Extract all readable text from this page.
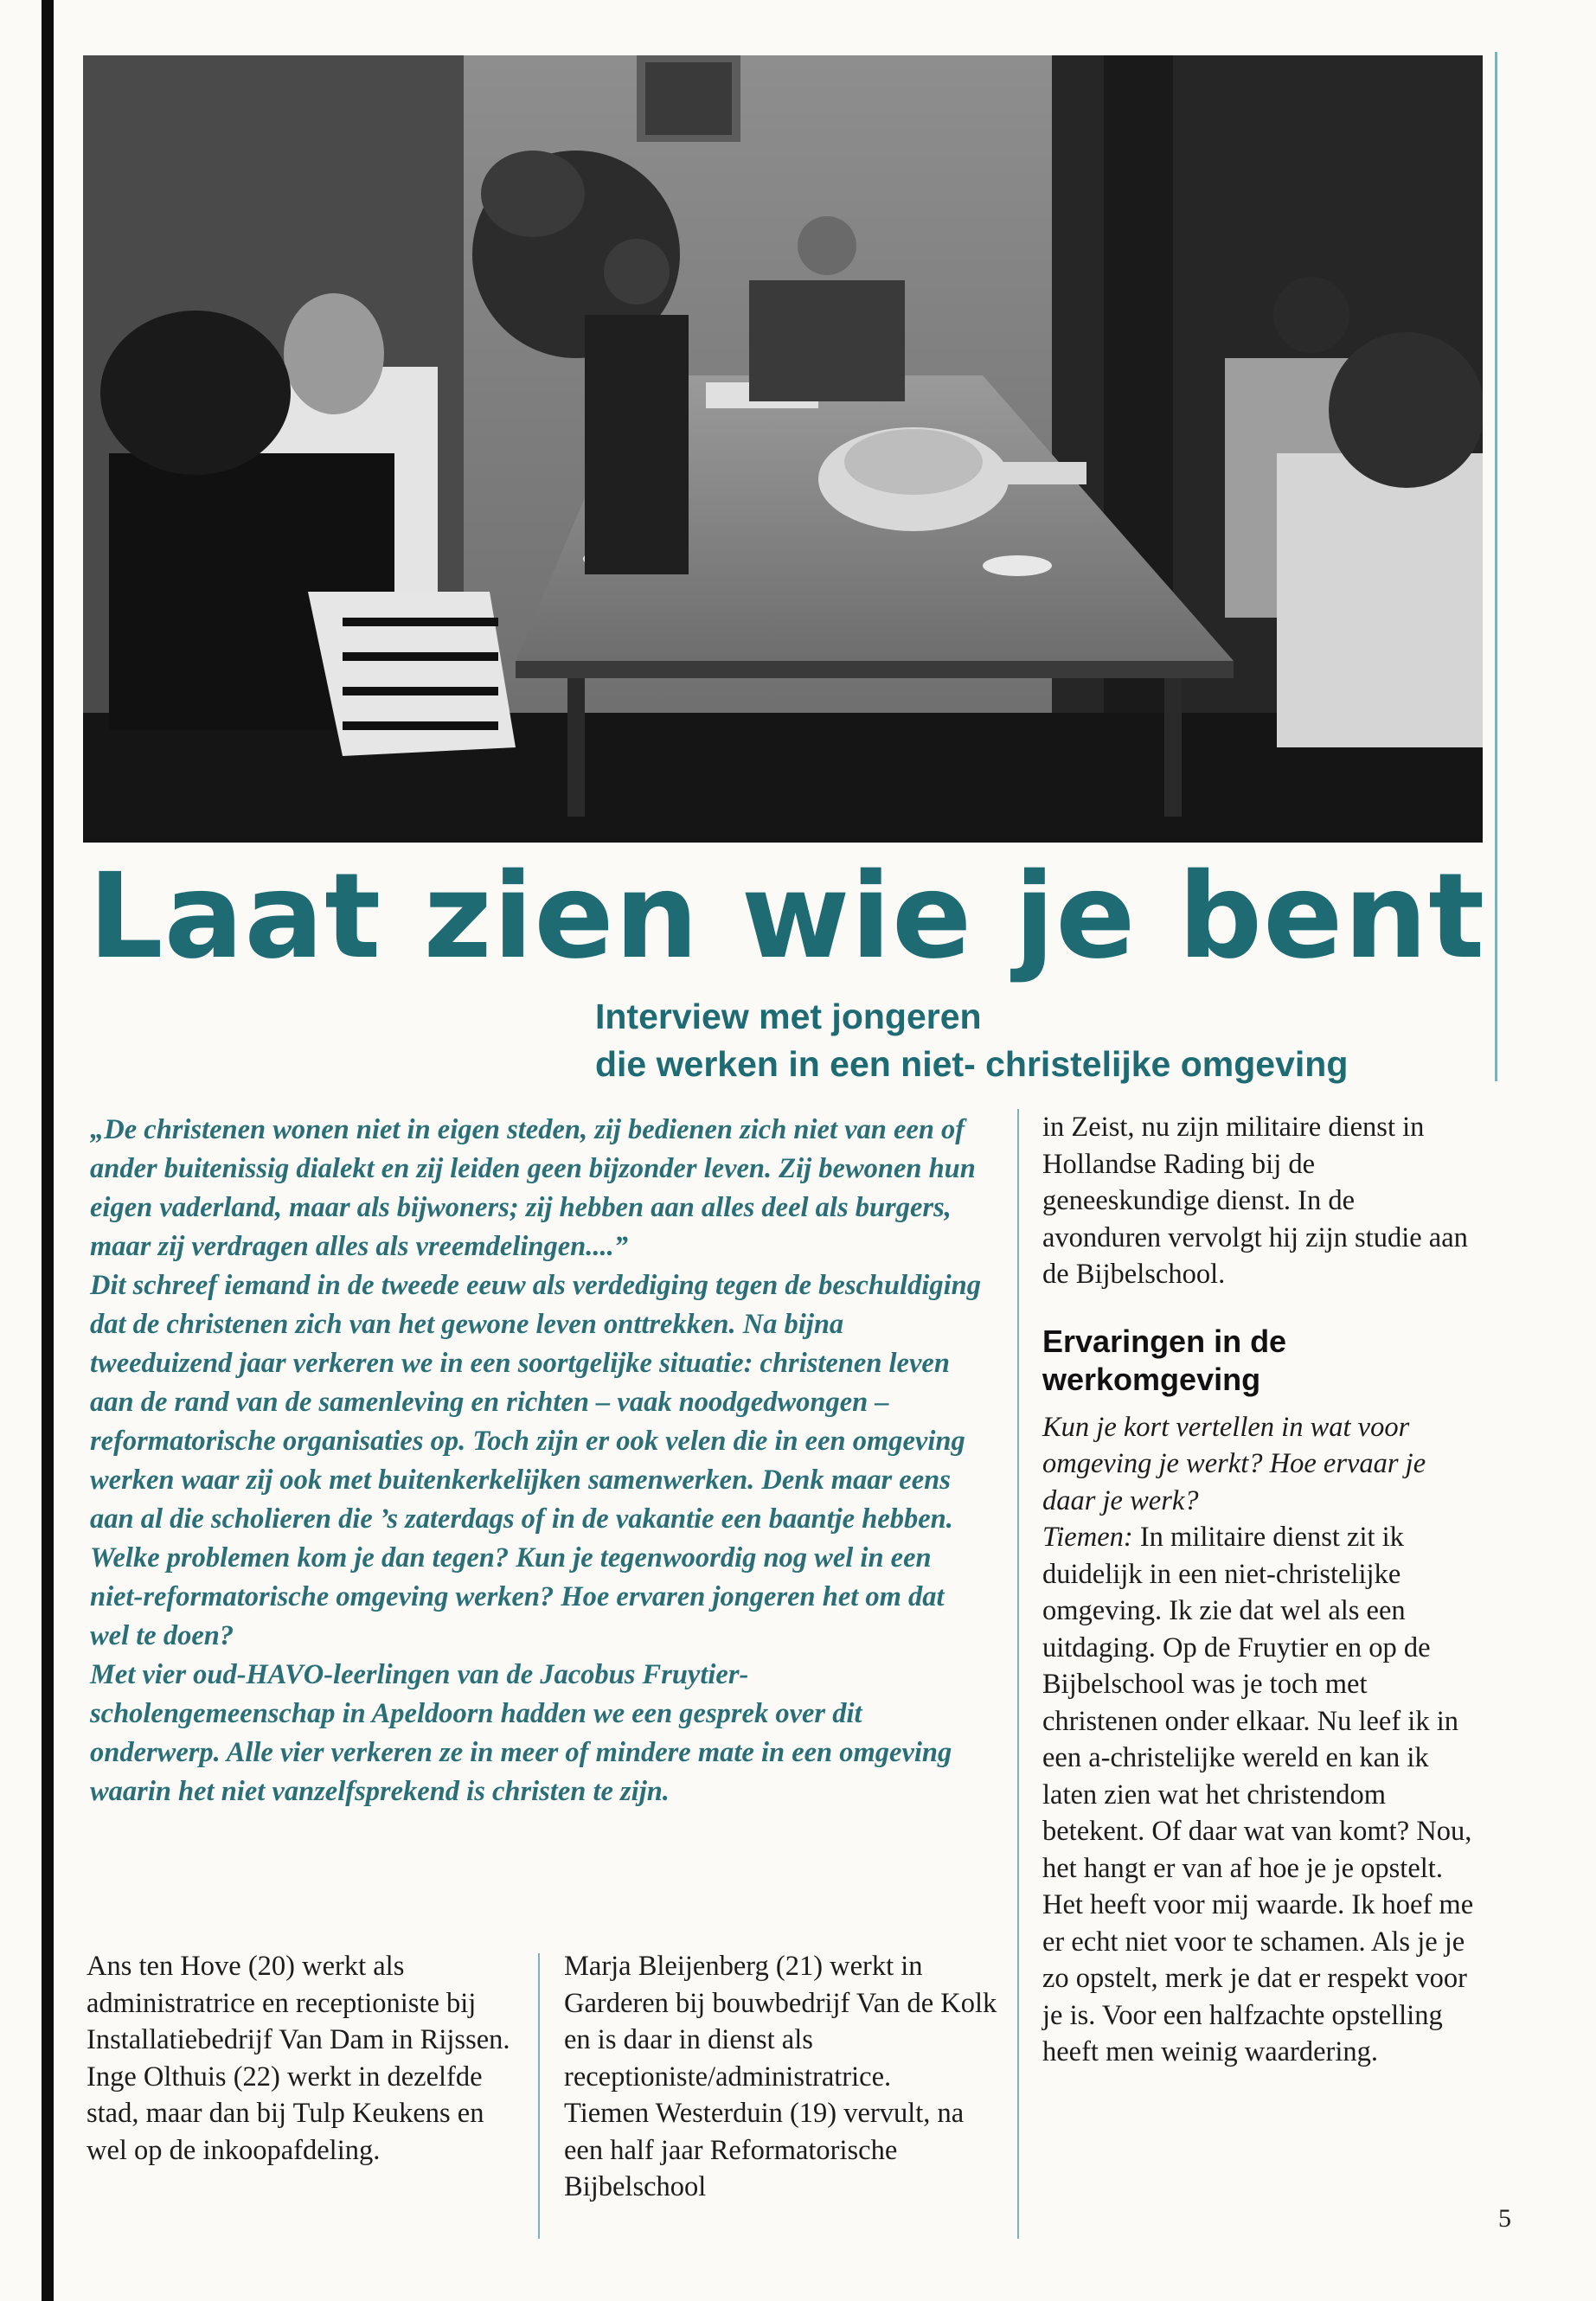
Laat zien wie je bent
Interview met jongeren
die werken in een niet- christelijke omgeving

„De christenen wonen niet in eigen steden, zij bedienen zich niet van een of ander buitenissig dialekt en zij leiden geen bijzonder leven. Zij bewonen hun eigen vaderland, maar als bijwoners; zij hebben aan alles deel als burgers, maar zij verdragen alles als vreemdelingen....”

Dit schreef iemand in de tweede eeuw als verdediging tegen de beschuldiging dat de christenen zich van het gewone leven onttrekken. Na bijna tweeduizend jaar verkeren we in een soortgelijke situatie: christenen leven aan de rand van de samenleving en richten – vaak noodgedwongen – reformatorische organisaties op. Toch zijn er ook velen die in een omgeving werken waar zij ook met buitenkerkelijken samenwerken. Denk maar eens aan al die scholieren die ’s zaterdags of in de vakantie een baantje hebben. Welke problemen kom je dan tegen? Kun je tegenwoordig nog wel in een niet-reformatorische omgeving werken? Hoe ervaren jongeren het om dat wel te doen?

Met vier oud-HAVO-leerlingen van de Jacobus Fruytier-scholengemeenschap in Apeldoorn hadden we een gesprek over dit onderwerp. Alle vier verkeren ze in meer of mindere mate in een omgeving waarin het niet vanzelfsprekend is christen te zijn.

Ans ten Hove (20) werkt als administratrice en receptioniste bij Installatiebedrijf Van Dam in Rijssen.

Inge Olthuis (22) werkt in dezelfde stad, maar dan bij Tulp Keukens en wel op de inkoopafdeling.

Marja Bleijenberg (21) werkt in Garderen bij bouwbedrijf Van de Kolk en is daar in dienst als receptioniste/administratrice.

Tiemen Westerduin (19) vervult, na een half jaar Reformatorische Bijbelschool

in Zeist, nu zijn militaire dienst in Hollandse Rading bij de geneeskundige dienst. In de avonduren vervolgt hij zijn studie aan de Bijbelschool.

Ervaringen in de werkomgeving

Kun je kort vertellen in wat voor omgeving je werkt? Hoe ervaar je daar je werk?

Tiemen: In militaire dienst zit ik duidelijk in een niet-christelijke omgeving. Ik zie dat wel als een uitdaging. Op de Fruytier en op de Bijbelschool was je toch met christenen onder elkaar. Nu leef ik in een a-christelijke wereld en kan ik laten zien wat het christendom betekent. Of daar wat van komt? Nou, het hangt er van af hoe je je opstelt. Het heeft voor mij waarde. Ik hoef me er echt niet voor te schamen. Als je je zo opstelt, merk je dat er respekt voor je is. Voor een halfzachte opstelling heeft men weinig waardering.

5
